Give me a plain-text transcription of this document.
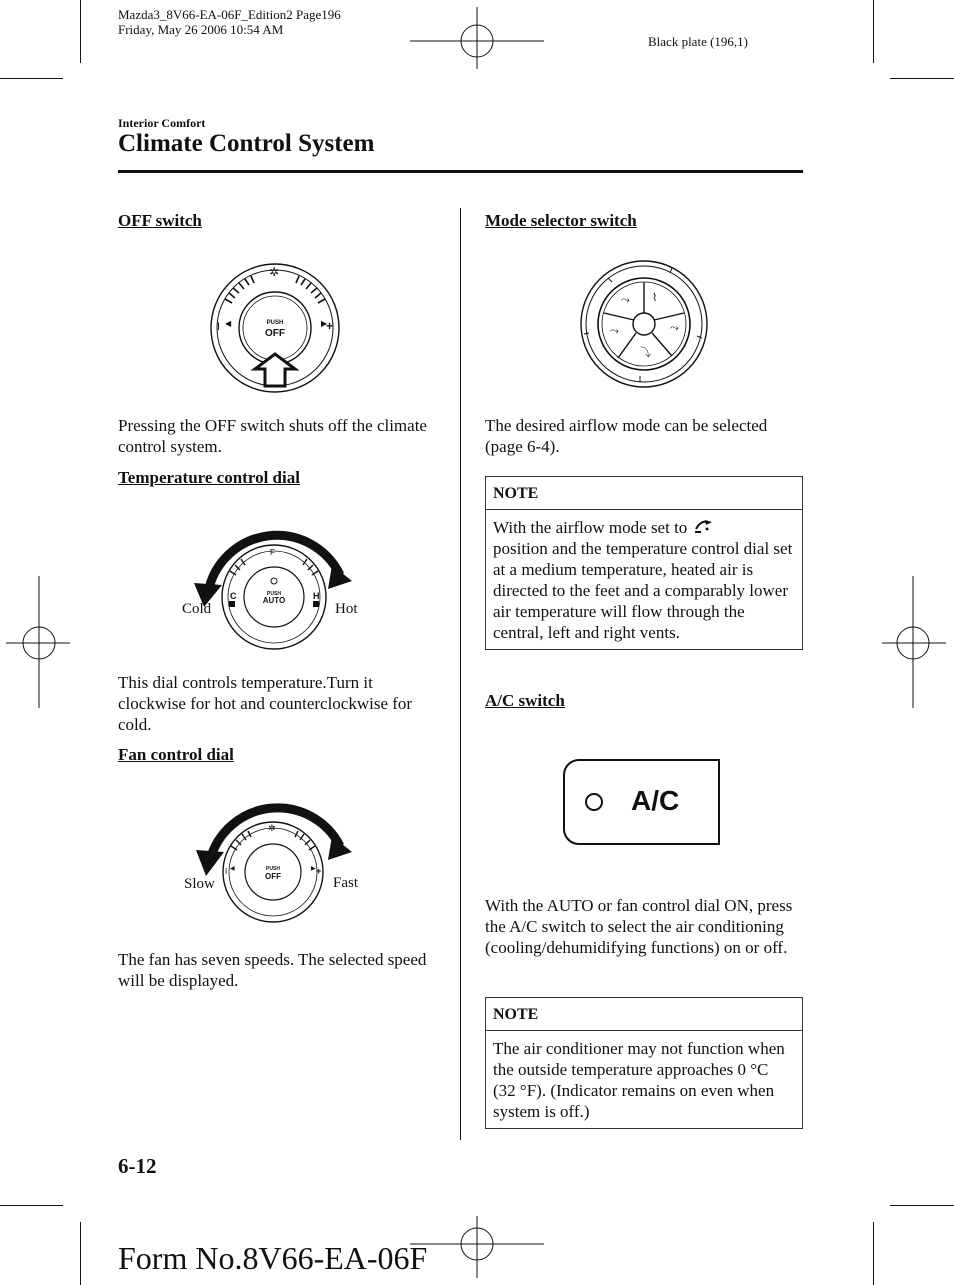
Mazda3_8V66-EA-06F_Edition2 Page196
Friday, May 26 2006 10:54 AM
Black plate (196,1)
Interior Comfort
Climate Control System
OFF switch
✲
I ◀	▶
+
PUSH
OFF

Pressing the OFF switch shuts off the climate control system.

Temperature control dial
F
C	H
PUSH
AUTO
Cold	Hot

This dial controls temperature.Turn it clockwise for hot and counterclockwise for cold.

Fan control dial
✲
I ◀	▶ +
PUSH
OFF
Slow	Fast

The fan has seven speeds. The selected speed will be displayed.

Mode selector switch
⤳ ⌇
⤳
⤵
⤳

The desired airflow mode can be selected (page 6-4).

NOTE
With the airflow mode set to
position and the temperature control dial set at a medium temperature, heated air is directed to the feet and a comparably lower air temperature will flow through the central, left and right vents.
A/C switch
A/C

With the AUTO or fan control dial ON, press the A/C switch to select the air conditioning (cooling/dehumidifying functions) on or off.

NOTE
The air conditioner may not function when the outside temperature approaches 0 °C (32 °F). (Indicator remains on even when system is off.)
6-12
Form No.8V66-EA-06F
